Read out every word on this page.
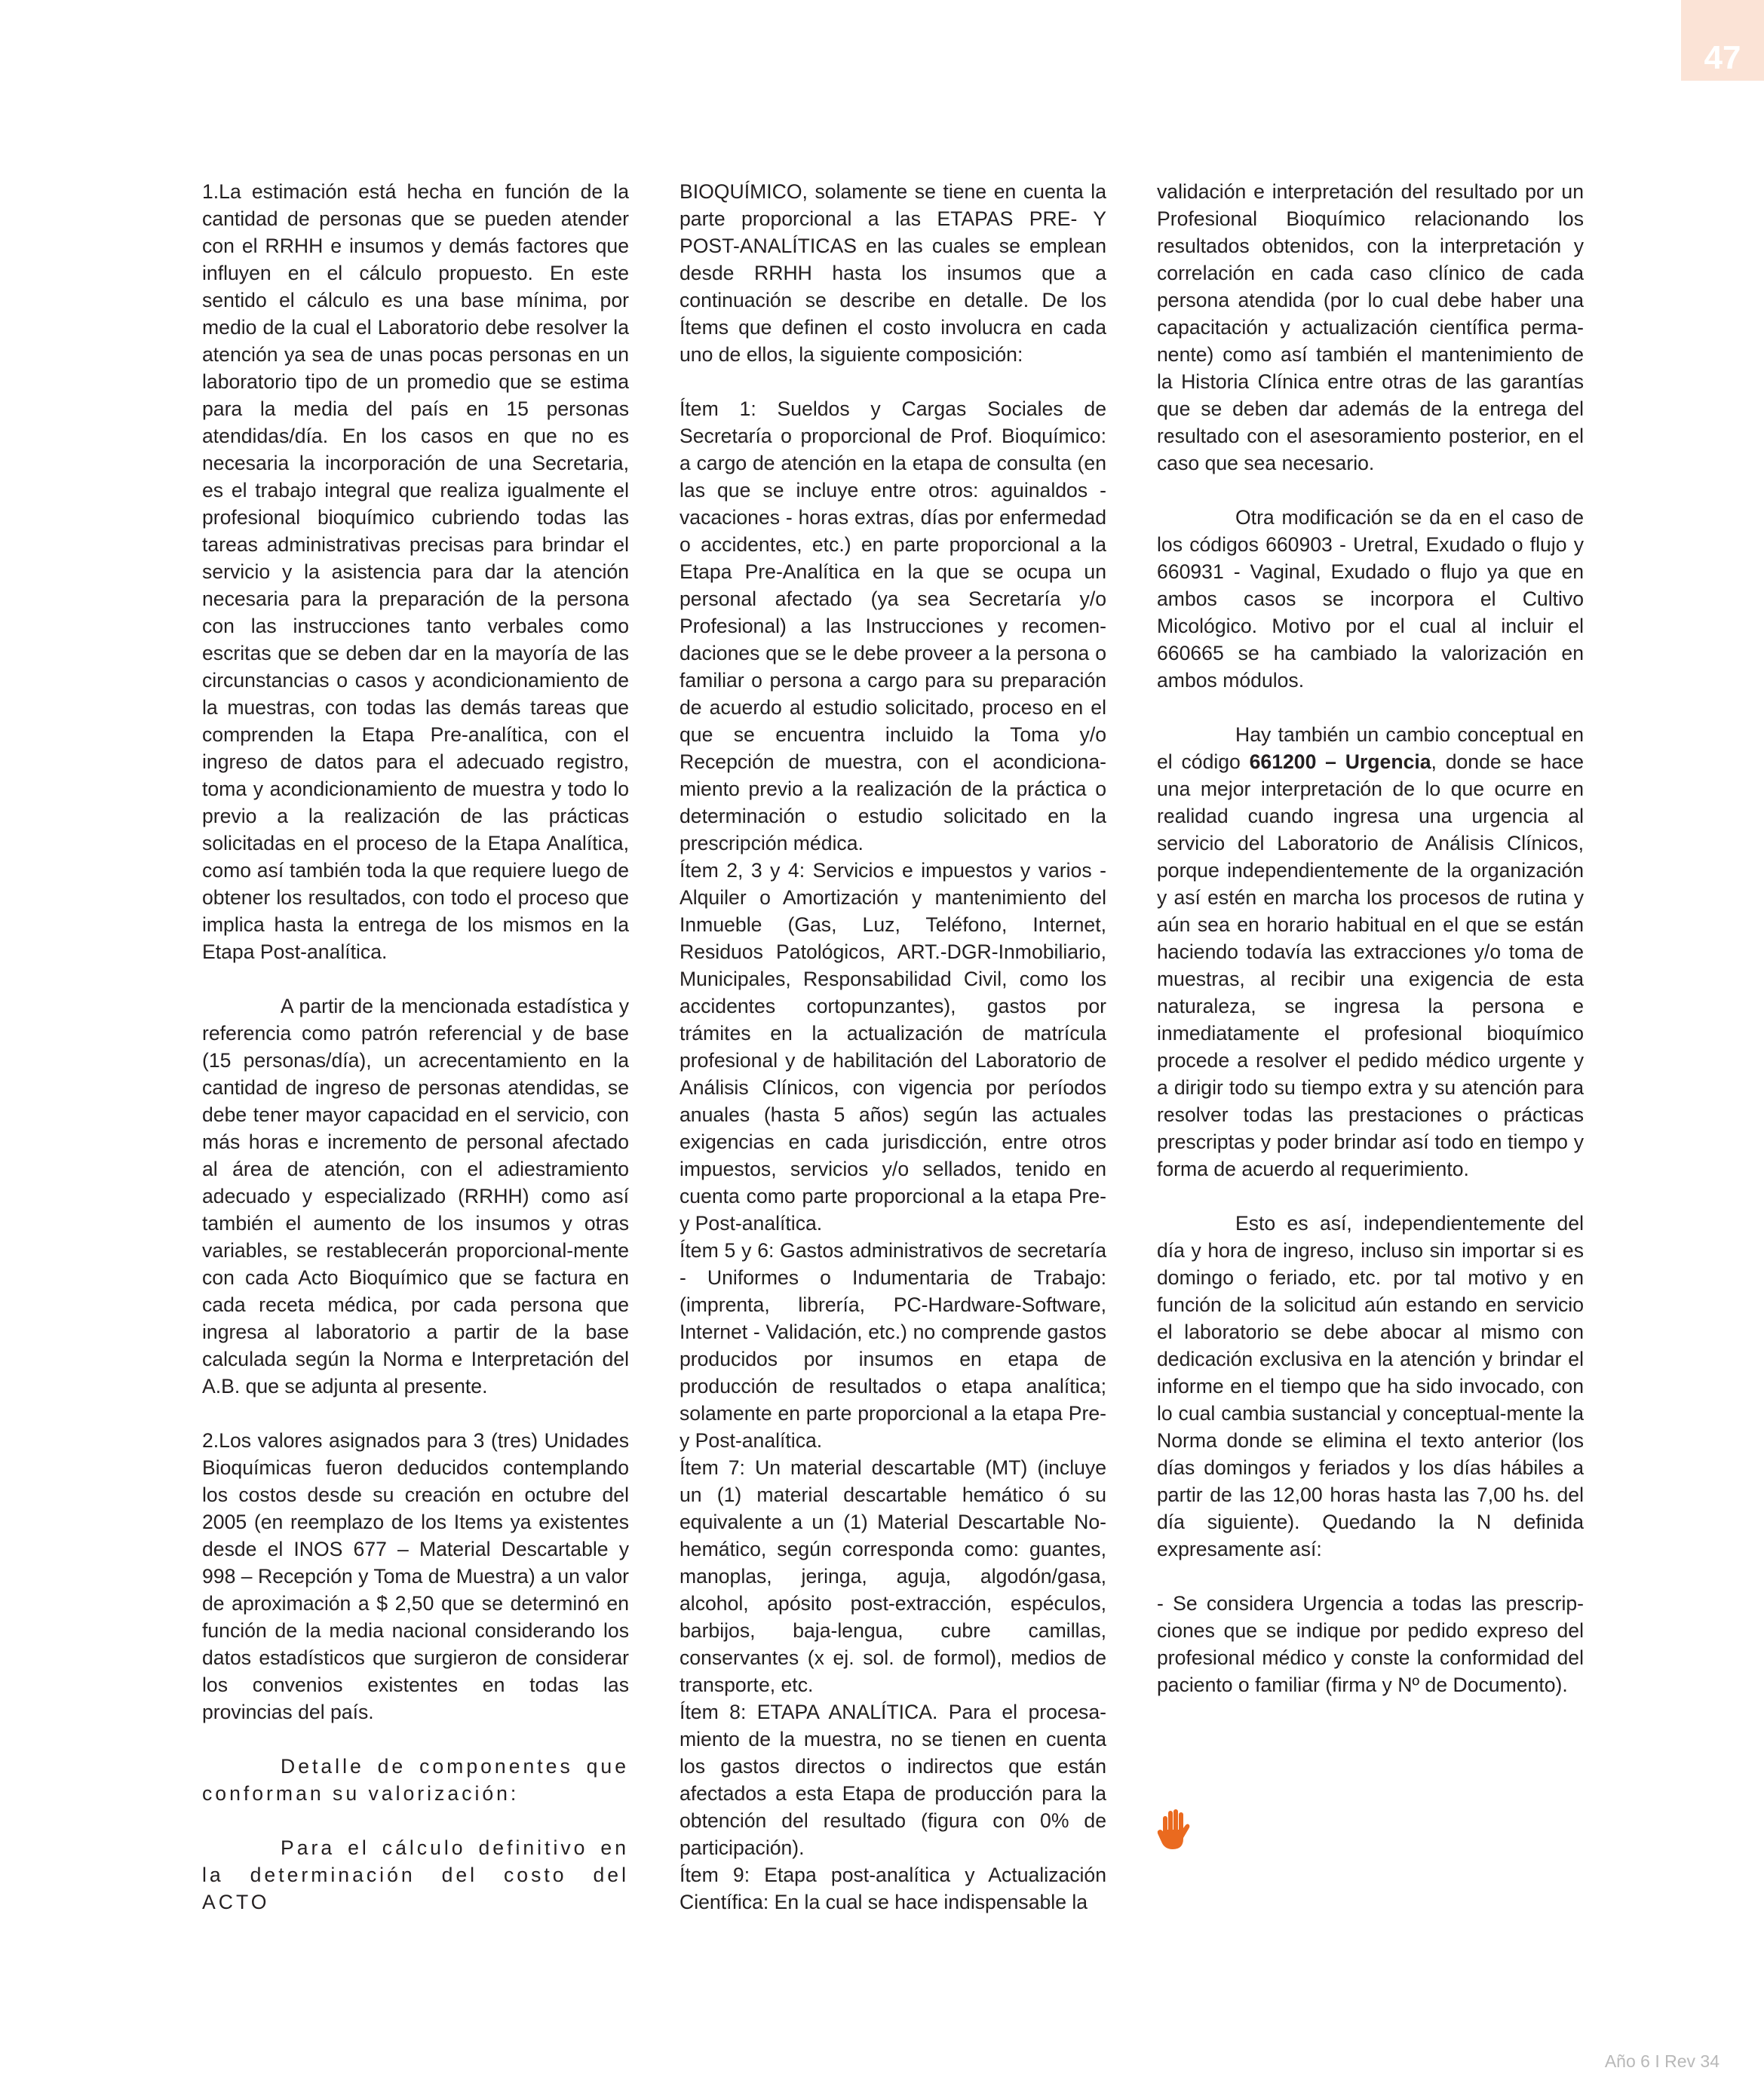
47

1.La estimación está hecha en función de la cantidad de personas que se pueden atender con el RRHH e insumos y demás factores que influyen en el cálculo propuesto. En este sentido el cálculo es una base mínima, por medio de la cual el Laboratorio debe resolver la atención ya sea de unas pocas personas en un laboratorio tipo de un promedio que se estima para la media del país en 15 personas atendidas/día. En los casos en que no es necesaria la incorporación de una Secretaria, es el trabajo integral que realiza igualmente el profesional bioquímico cubriendo todas las tareas administrativas precisas para brindar el servicio y la asistencia para dar la atención necesaria para la preparación de la persona con las instrucciones tanto verbales como escritas que se deben dar en la mayoría de las circunstancias o casos y acondicionamiento de la muestras, con todas las demás tareas que comprenden la Etapa Pre-analítica, con el ingreso de datos para el adecuado registro, toma y acondicionamiento de muestra y todo lo previo a la realización de las prácticas solicitadas en el proceso de la Etapa Analítica, como así también toda la que requiere luego de obtener los resultados, con todo el proceso que implica hasta la entrega de los mismos en la Etapa Post-analítica.

A partir de la mencionada estadística y referencia como patrón referencial y de base (15 personas/día), un acrecentamiento en la cantidad de ingreso de personas atendidas, se debe tener mayor capacidad en el servicio, con más horas e incremento de personal afectado al área de atención, con el adiestramiento adecuado y especializado (RRHH) como así también el aumento de los insumos y otras variables, se restablecerán proporcional-mente con cada Acto Bioquímico que se factura en cada receta médica, por cada persona que ingresa al laboratorio a partir de la base calculada según la Norma e Interpretación del A.B. que se adjunta al presente.

2.Los valores asignados para 3 (tres) Unidades Bioquímicas fueron deducidos contemplando los costos desde su creación en octubre del 2005 (en reemplazo de los Items ya existentes desde el INOS 677 – Material Descartable y 998 – Recepción y Toma de Muestra) a un valor de aproximación a $ 2,50 que se determinó en función de la media nacional considerando los datos estadísticos que surgieron de considerar los convenios existentes en todas las provincias del país.

Detalle de componentes que conforman su valorización:

Para el cálculo definitivo en la determinación del costo del ACTO

BIOQUÍMICO, solamente se tiene en cuenta la parte proporcional a las ETAPAS PRE- Y POST-ANALÍTICAS en las cuales se emplean desde RRHH hasta los insumos que a continuación se describe en detalle. De los Ítems que definen el costo involucra en cada uno de ellos, la siguiente composición:

Ítem 1: Sueldos y Cargas Sociales de Secretaría o proporcional de Prof. Bioquímico: a cargo de atención en la etapa de consulta (en las que se incluye entre otros: aguinaldos - vacaciones - horas extras, días por enfermedad o accidentes, etc.) en parte proporcional a la Etapa Pre-Analítica en la que se ocupa un personal afectado (ya sea Secretaría y/o Profesional) a las Instrucciones y recomen-daciones que se le debe proveer a la persona o familiar o persona a cargo para su preparación de acuerdo al estudio solicitado, proceso en el que se encuentra incluido la Toma y/o Recepción de muestra, con el acondiciona-miento previo a la realización de la práctica o determinación o estudio solicitado en la prescripción médica.

Ítem 2, 3 y 4: Servicios e impuestos y varios - Alquiler o Amortización y mantenimiento del Inmueble (Gas, Luz, Teléfono, Internet, Residuos Patológicos, ART.-DGR-Inmobiliario, Municipales, Responsabilidad Civil, como los accidentes cortopunzantes), gastos por trámites en la actualización de matrícula profesional y de habilitación del Laboratorio de Análisis Clínicos, con vigencia por períodos anuales (hasta 5 años) según las actuales exigencias en cada jurisdicción, entre otros impuestos, servicios y/o sellados, tenido en cuenta como parte proporcional a la etapa Pre- y Post-analítica.

Ítem 5 y 6: Gastos administrativos de secretaría - Uniformes o Indumentaria de Trabajo: (imprenta, librería, PC-Hardware-Software, Internet - Validación, etc.) no comprende gastos producidos por insumos en etapa de producción de resultados o etapa analítica; solamente en parte proporcional a la etapa Pre- y Post-analítica.

Ítem 7: Un material descartable (MT) (incluye un (1) material descartable hemático ó su equivalente a un (1) Material Descartable No-hemático, según corresponda como: guantes, manoplas, jeringa, aguja, algodón/gasa, alcohol, apósito post-extracción, espéculos, barbijos, baja-lengua, cubre camillas, conservantes (x ej. sol. de formol), medios de transporte, etc.

Ítem 8: ETAPA ANALÍTICA. Para el procesa-miento de la muestra, no se tienen en cuenta los gastos directos o indirectos que están afectados a esta Etapa de producción para la obtención del resultado (figura con 0% de participación).

Ítem 9: Etapa post-analítica y Actualización Científica: En la cual se hace indispensable la

validación e interpretación del resultado por un Profesional Bioquímico relacionando los resultados obtenidos, con la interpretación y correlación en cada caso clínico de cada persona atendida (por lo cual debe haber una capacitación y actualización científica perma-nente) como así también el mantenimiento de la Historia Clínica entre otras de las garantías que se deben dar además de la entrega del resultado con el asesoramiento posterior, en el caso que sea necesario.

Otra modificación se da en el caso de los códigos 660903 - Uretral, Exudado o flujo y 660931 - Vaginal, Exudado o flujo ya que en ambos casos se incorpora el Cultivo Micológico. Motivo por el cual al incluir el 660665 se ha cambiado la valorización en ambos módulos.

Hay también un cambio conceptual en el código 661200 – Urgencia, donde se hace una mejor interpretación de lo que ocurre en realidad cuando ingresa una urgencia al servicio del Laboratorio de Análisis Clínicos, porque independientemente de la organización y así estén en marcha los procesos de rutina y aún sea en horario habitual en el que se están haciendo todavía las extracciones y/o toma de muestras, al recibir una exigencia de esta naturaleza, se ingresa la persona e inmediatamente el profesional bioquímico procede a resolver el pedido médico urgente y a dirigir todo su tiempo extra y su atención para resolver todas las prestaciones o prácticas prescriptas y poder brindar así todo en tiempo y forma de acuerdo al requerimiento.

Esto es así, independientemente del día y hora de ingreso, incluso sin importar si es domingo o feriado, etc. por tal motivo y en función de la solicitud aún estando en servicio el laboratorio se debe abocar al mismo con dedicación exclusiva en la atención y brindar el informe en el tiempo que ha sido invocado, con lo cual cambia sustancial y conceptual-mente la Norma donde se elimina el texto anterior (los días domingos y feriados y los días hábiles a partir de las 12,00 horas hasta las 7,00 hs. del día siguiente). Quedando la N definida expresamente así:

- Se considera Urgencia a todas las prescrip-ciones que se indique por pedido expreso del profesional médico y conste la conformidad del paciento o familiar (firma y Nº de Documento).

Año 6 I Rev 34
